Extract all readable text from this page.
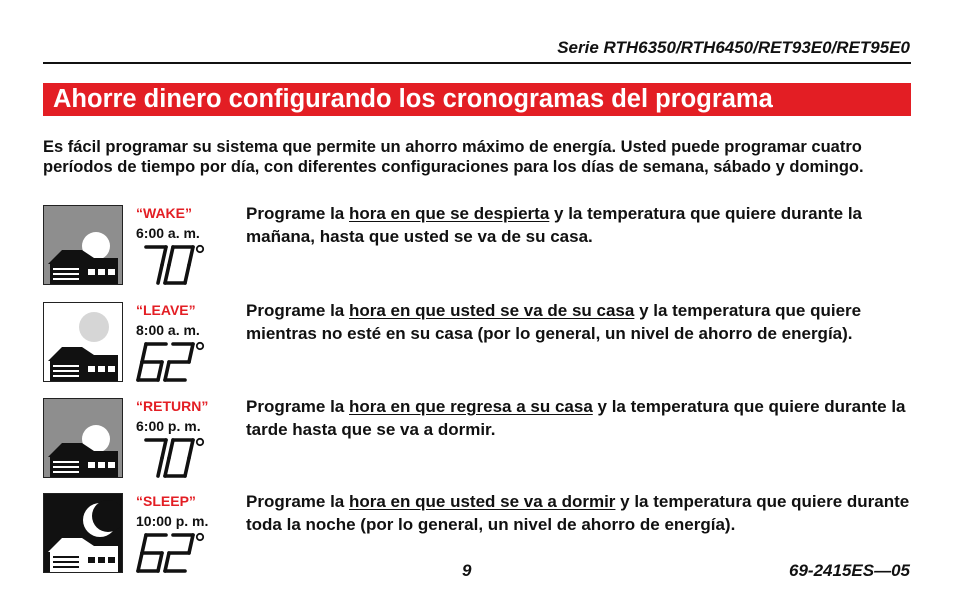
Serie RTH6350/RTH6450/RET93E0/RET95E0
Ahorre dinero configurando los cronogramas del programa
Es fácil programar su sistema que permite un ahorro máximo de energía. Usted puede programar cuatro períodos de tiempo por día, con diferentes configuraciones para los días de semana, sábado y domingo.
“WAKE”
6:00 a. m.
Programe la hora en que se despierta y la temperatura que quiere durante la mañana, hasta que usted se va de su casa.
“LEAVE”
8:00 a. m.
Programe la hora en que usted se va de su casa y la temperatura que quiere mientras no esté en su casa (por lo general, un nivel de ahorro de energía).
“RETURN”
6:00 p. m.
Programe la hora en que regresa a su casa y la temperatura que quiere durante la tarde hasta que se va a dormir.
“SLEEP”
10:00 p. m.
Programe la hora en que usted se va a dormir y la temperatura que quiere durante toda la noche (por lo general, un nivel de ahorro de energía).
9	69-2415ES—05
